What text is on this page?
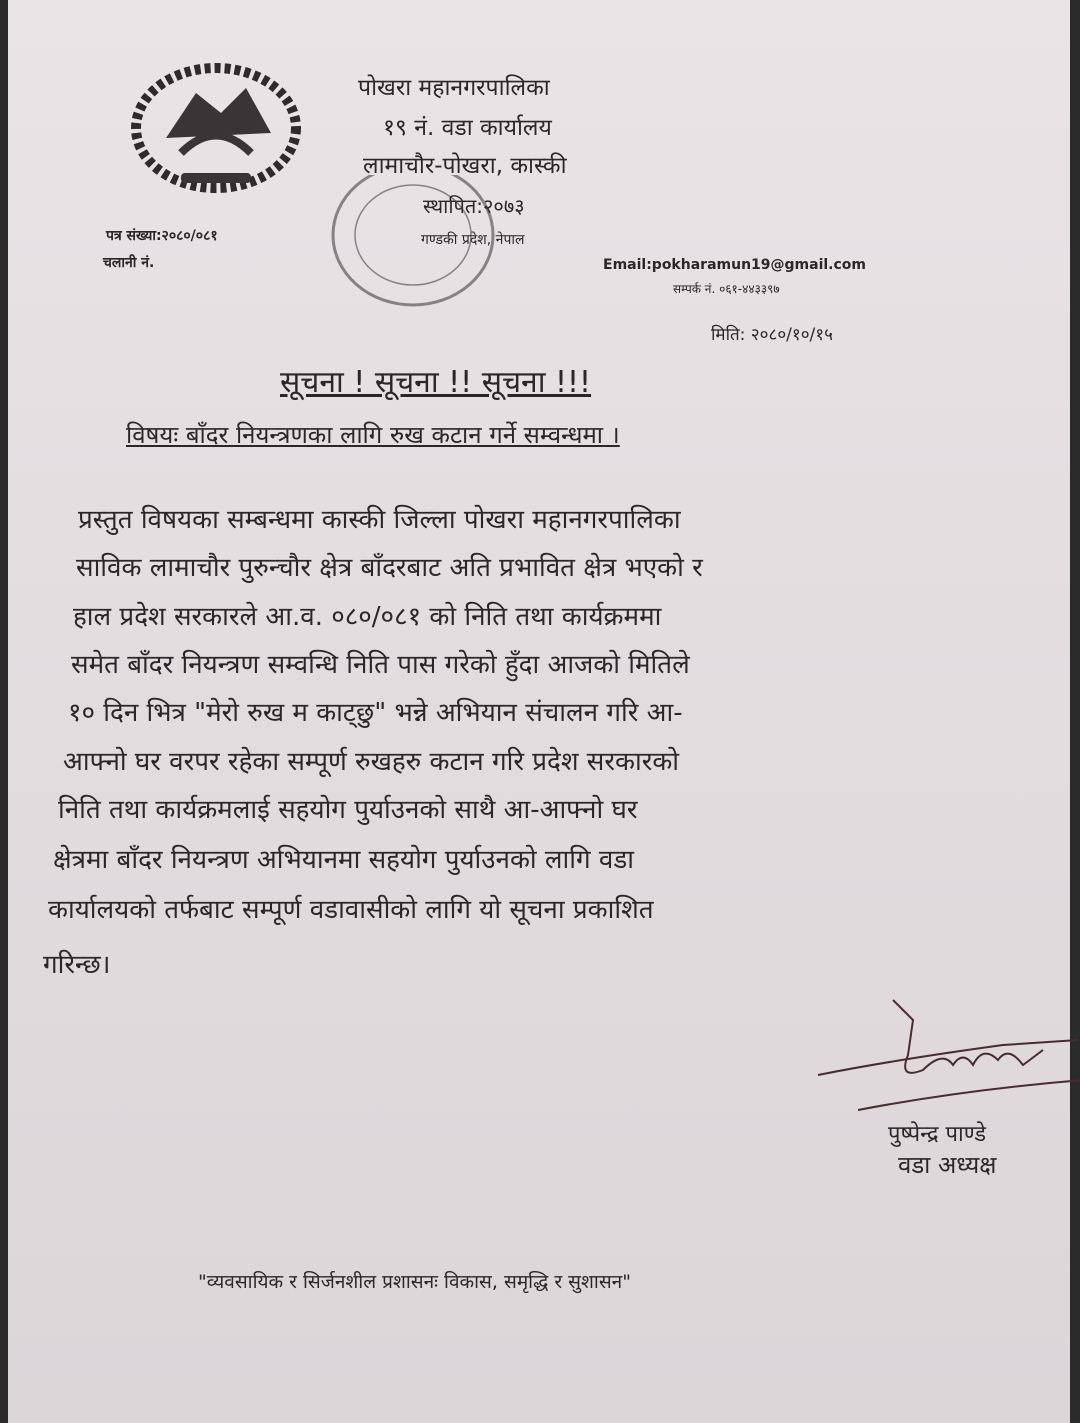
पोखरा महानगरपालिका
१९ नं. वडा कार्यालय
लामाचौर-पोखरा, कास्की
स्थापित:२०७३
गण्डकी प्रदेश, नेपाल
पत्र संख्या:२०८०/०८१
चलानी नं.	Email:pokharamun19@gmail.com
सम्पर्क नं. ०६१-४४३३९७
मिति: २०८०/१०/१५
सूचना ! सूचना !! सूचना !!!
विषयः बाँदर नियन्त्रणका लागि रुख कटान गर्ने सम्वन्धमा ।
प्रस्तुत विषयका सम्बन्धमा कास्की जिल्ला पोखरा महानगरपालिका
साविक लामाचौर पुरुन्चौर क्षेत्र बाँदरबाट अति प्रभावित क्षेत्र भएको र
हाल प्रदेश सरकारले आ.व. ०८०/०८१ को निति तथा कार्यक्रममा
समेत बाँदर नियन्त्रण सम्वन्धि निति पास गरेको हुँदा आजको मितिले
१० दिन भित्र "मेरो रुख म काट्छु" भन्ने अभियान संचालन गरि आ-
आफ्नो घर वरपर रहेका सम्पूर्ण रुखहरु कटान गरि प्रदेश सरकारको
निति तथा कार्यक्रमलाई सहयोग पुर्याउनको साथै आ-आफ्नो घर
क्षेत्रमा बाँदर नियन्त्रण अभियानमा सहयोग पुर्याउनको लागि वडा
कार्यालयको तर्फबाट सम्पूर्ण वडावासीको लागि यो सूचना प्रकाशित
गरिन्छ।
पुष्पेन्द्र पाण्डे
वडा अध्यक्ष
"व्यवसायिक र सिर्जनशील प्रशासनः विकास, समृद्धि र सुशासन"
